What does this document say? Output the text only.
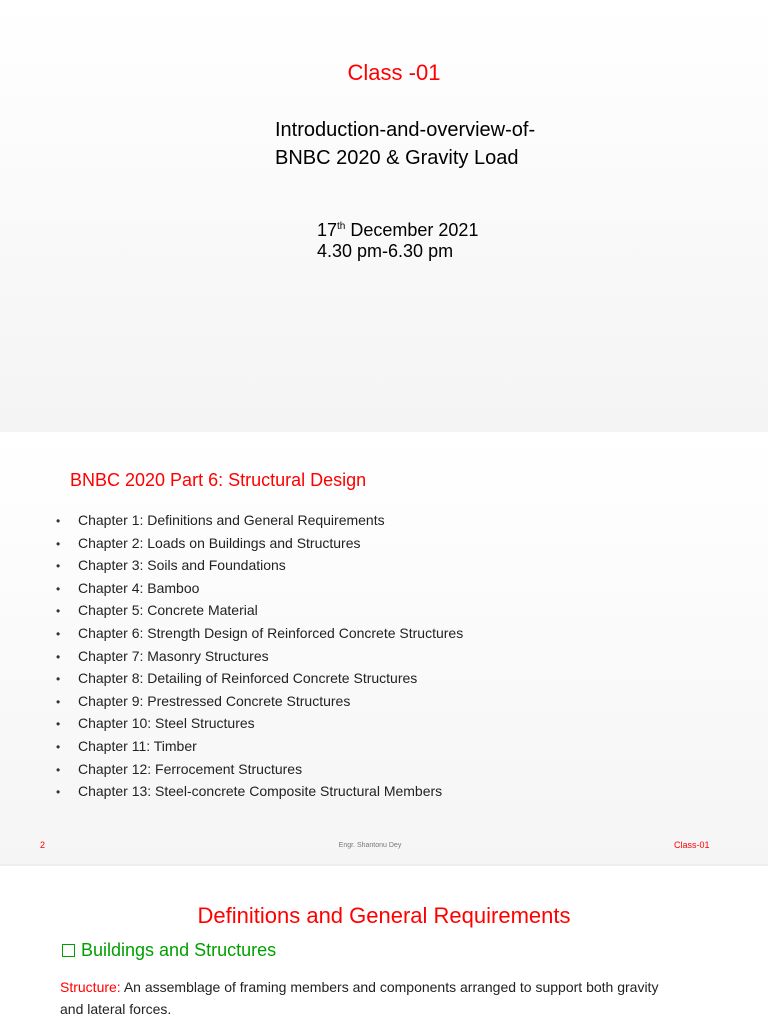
Class -01
Introduction-and-overview-of-
BNBC 2020 & Gravity Load
17th December 2021
4.30 pm-6.30 pm
BNBC 2020 Part 6: Structural Design
• Chapter 1: Definitions and General Requirements
• Chapter 2: Loads on Buildings and Structures
• Chapter 3: Soils and Foundations
• Chapter 4: Bamboo
• Chapter 5: Concrete Material
• Chapter 6: Strength Design of Reinforced Concrete Structures
• Chapter 7: Masonry Structures
• Chapter 8: Detailing of Reinforced Concrete Structures
• Chapter 9: Prestressed Concrete Structures
• Chapter 10: Steel Structures
• Chapter 11: Timber
• Chapter 12: Ferrocement Structures
• Chapter 13: Steel-concrete Composite Structural Members
2	Engr. Shantonu Dey	Class-01
Definitions and General Requirements
Buildings and Structures
Structure: An assemblage of framing members and components arranged to support both gravity and lateral forces.
